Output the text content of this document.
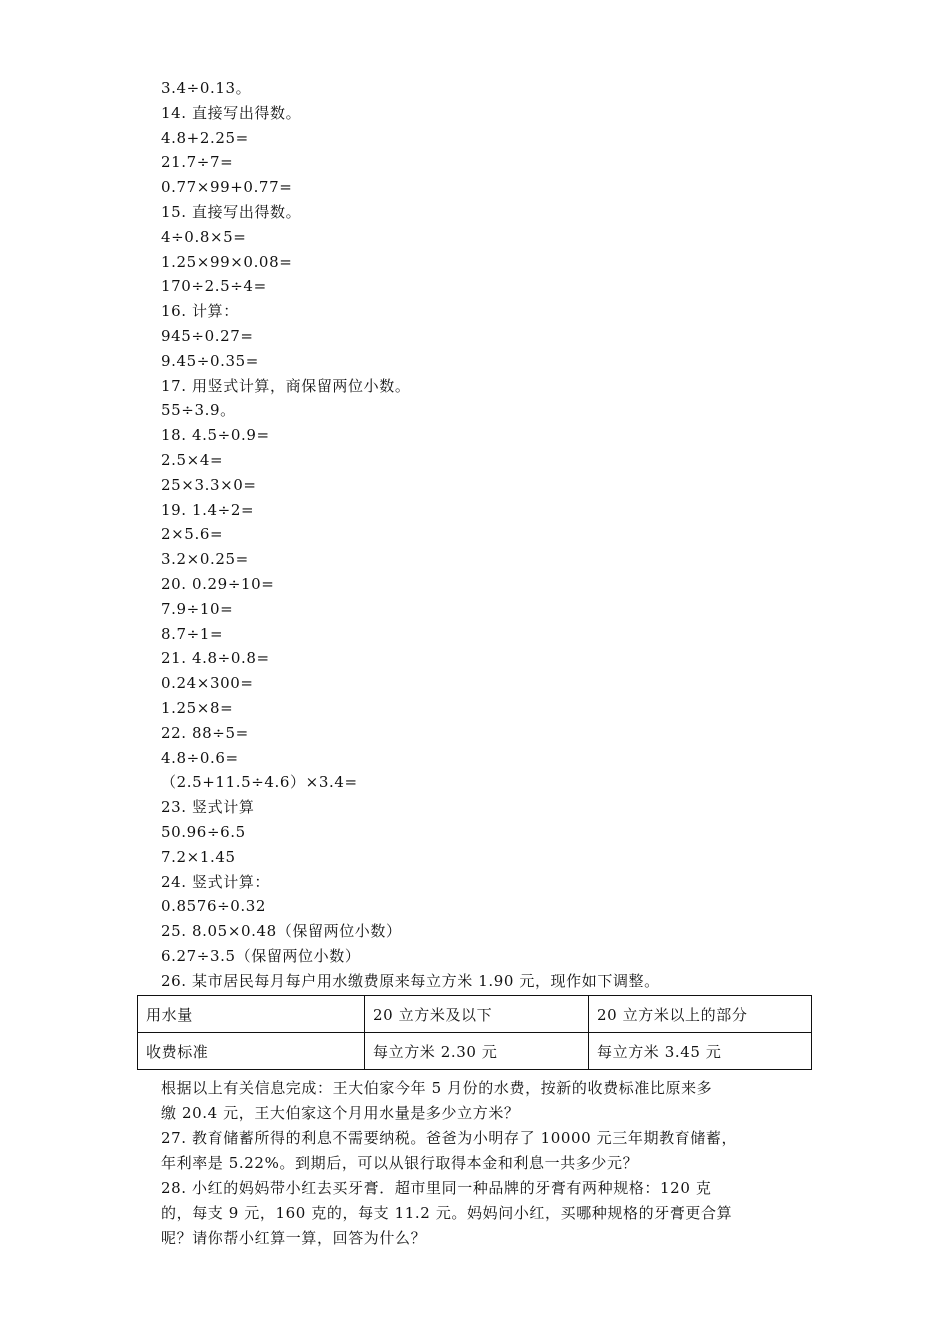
3.4÷0.13。
14. 直接写出得数。
4.8+2.25=
21.7÷7=
0.77×99+0.77=
15. 直接写出得数。
4÷0.8×5=
1.25×99×0.08=
170÷2.5÷4=
16. 计算：
945÷0.27=
9.45÷0.35=
17. 用竖式计算，商保留两位小数。
55÷3.9。
18. 4.5÷0.9=
2.5×4=
25×3.3×0=
19. 1.4÷2=
2×5.6=
3.2×0.25=
20. 0.29÷10=
7.9÷10=
8.7÷1=
21. 4.8÷0.8=
0.24×300=
1.25×8=
22. 88÷5=
4.8÷0.6=
（2.5+11.5÷4.6）×3.4=
23. 竖式计算
50.96÷6.5
7.2×1.45
24. 竖式计算：
0.8576÷0.32
25. 8.05×0.48（保留两位小数）
6.27÷3.5（保留两位小数）
26. 某市居民每月每户用水缴费原来每立方米 1.90 元，现作如下调整。
用水量	20 立方米及以下	20 立方米以上的部分
收费标准	每立方米 2.30 元	每立方米 3.45 元
根据以上有关信息完成：王大伯家今年 5 月份的水费，按新的收费标准比原来多
缴 20.4 元，王大伯家这个月用水量是多少立方米？
27. 教育储蓄所得的利息不需要纳税。爸爸为小明存了 10000 元三年期教育储蓄，
年利率是 5.22%。到期后，可以从银行取得本金和利息一共多少元？
28. 小红的妈妈带小红去买牙膏．超市里同一种品牌的牙膏有两种规格：120 克
的，每支 9 元，160 克的，每支 11.2 元。妈妈问小红，买哪种规格的牙膏更合算
呢？请你帮小红算一算，回答为什么？
